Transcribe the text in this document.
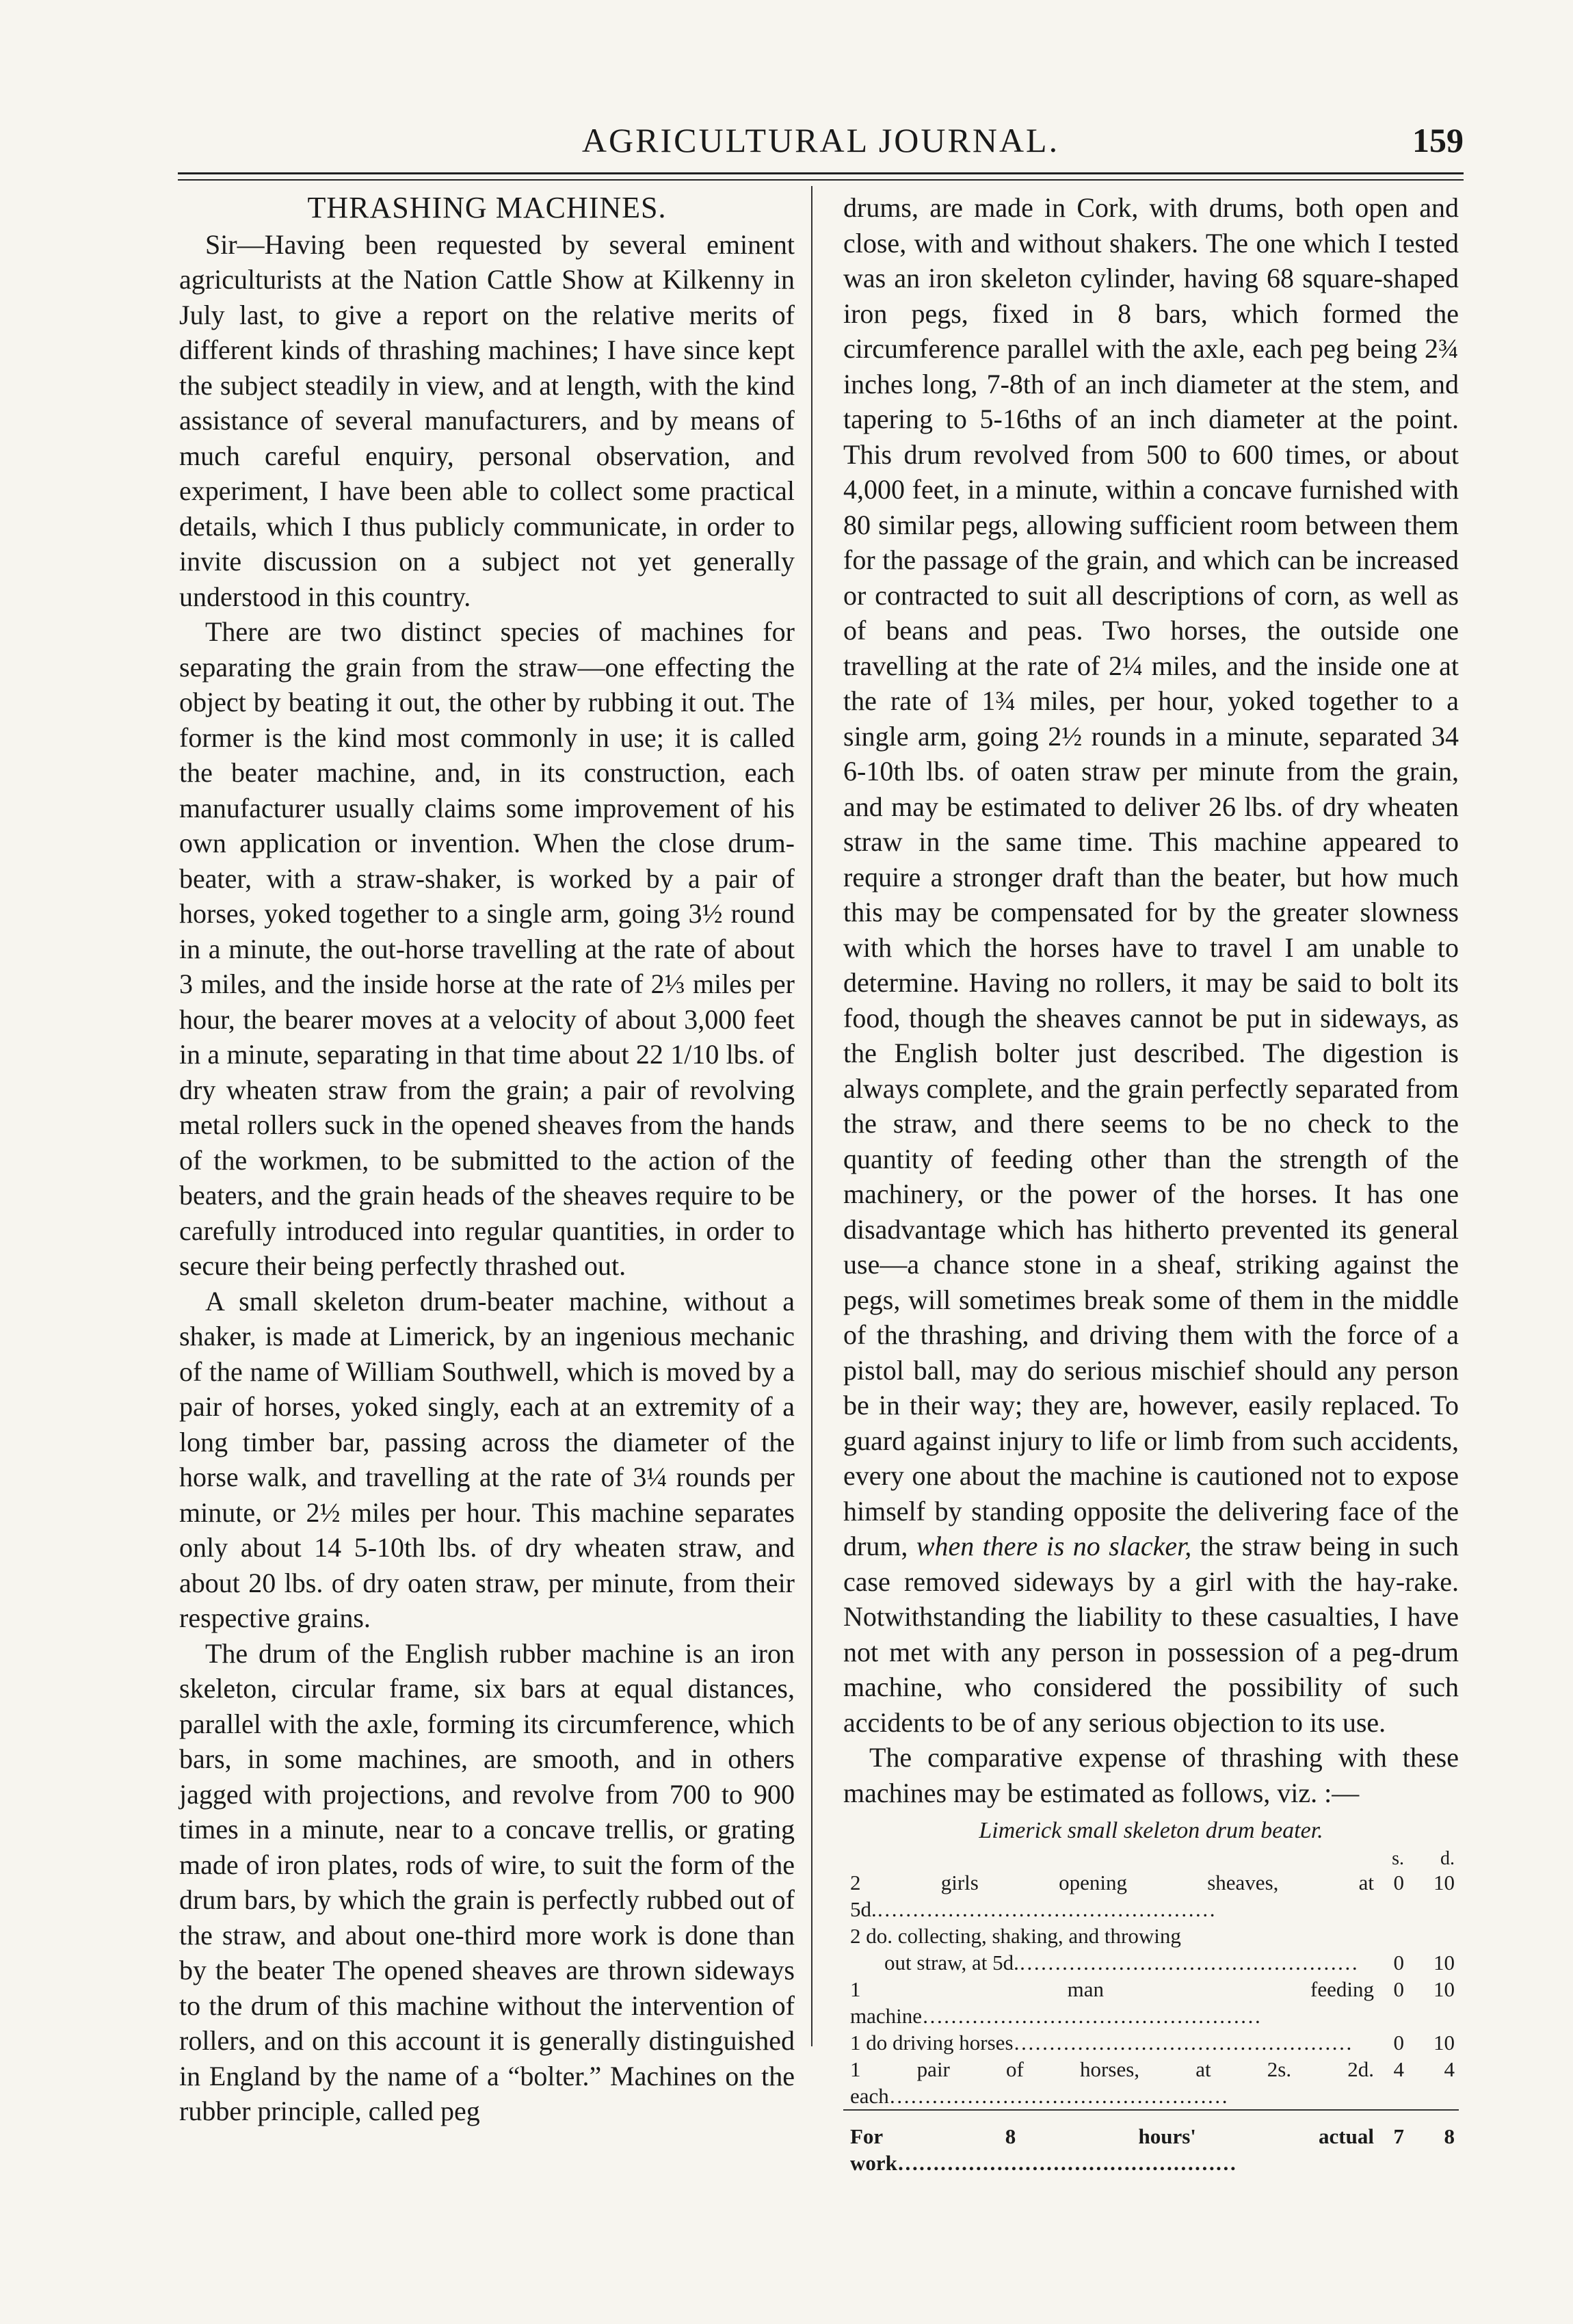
AGRICULTURAL JOURNAL.	159
THRASHING MACHINES.

Sir—Having been requested by several eminent agriculturists at the Nation Cattle Show at Kilkenny in July last, to give a report on the relative merits of different kinds of thrashing machines; I have since kept the subject steadily in view, and at length, with the kind assistance of several manufacturers, and by means of much careful enquiry, personal observation, and experiment, I have been able to collect some practical details, which I thus publicly communicate, in order to invite discussion on a subject not yet generally understood in this country.

There are two distinct species of machines for separating the grain from the straw—one effecting the object by beating it out, the other by rubbing it out. The former is the kind most commonly in use; it is called the beater machine, and, in its construction, each manufacturer usually claims some improvement of his own application or invention. When the close drum-beater, with a straw-shaker, is worked by a pair of horses, yoked together to a single arm, going 3½ round in a minute, the out-horse travelling at the rate of about 3 miles, and the inside horse at the rate of 2⅓ miles per hour, the bearer moves at a velocity of about 3,000 feet in a minute, separating in that time about 22 1/10 lbs. of dry wheaten straw from the grain; a pair of revolving metal rollers suck in the opened sheaves from the hands of the workmen, to be submitted to the action of the beaters, and the grain heads of the sheaves require to be carefully introduced into regular quantities, in order to secure their being perfectly thrashed out.

A small skeleton drum-beater machine, without a shaker, is made at Limerick, by an ingenious mechanic of the name of William Southwell, which is moved by a pair of horses, yoked singly, each at an extremity of a long timber bar, passing across the diameter of the horse walk, and travelling at the rate of 3¼ rounds per minute, or 2½ miles per hour. This machine separates only about 14 5-10th lbs. of dry wheaten straw, and about 20 lbs. of dry oaten straw, per minute, from their respective grains.

The drum of the English rubber machine is an iron skeleton, circular frame, six bars at equal distances, parallel with the axle, forming its circumference, which bars, in some machines, are smooth, and in others jagged with projections, and revolve from 700 to 900 times in a minute, near to a concave trellis, or grating made of iron plates, rods of wire, to suit the form of the drum bars, by which the grain is perfectly rubbed out of the straw, and about one-third more work is done than by the beater The opened sheaves are thrown sideways to the drum of this machine without the intervention of rollers, and on this account it is generally distinguished in England by the name of a “bolter.” Machines on the rubber principle, called peg

drums, are made in Cork, with drums, both open and close, with and without shakers. The one which I tested was an iron skeleton cylinder, having 68 square-shaped iron pegs, fixed in 8 bars, which formed the circumference parallel with the axle, each peg being 2¾ inches long, 7-8th of an inch diameter at the stem, and tapering to 5-16ths of an inch diameter at the point. This drum revolved from 500 to 600 times, or about 4,000 feet, in a minute, within a concave furnished with 80 similar pegs, allowing sufficient room between them for the passage of the grain, and which can be increased or contracted to suit all descriptions of corn, as well as of beans and peas. Two horses, the outside one travelling at the rate of 2¼ miles, and the inside one at the rate of 1¾ miles, per hour, yoked together to a single arm, going 2½ rounds in a minute, separated 34 6-10th lbs. of oaten straw per minute from the grain, and may be estimated to deliver 26 lbs. of dry wheaten straw in the same time. This machine appeared to require a stronger draft than the beater, but how much this may be compensated for by the greater slowness with which the horses have to travel I am unable to determine. Having no rollers, it may be said to bolt its food, though the sheaves cannot be put in sideways, as the English bolter just described. The digestion is always complete, and the grain perfectly separated from the straw, and there seems to be no check to the quantity of feeding other than the strength of the machinery, or the power of the horses. It has one disadvantage which has hitherto prevented its general use—a chance stone in a sheaf, striking against the pegs, will sometimes break some of them in the middle of the thrashing, and driving them with the force of a pistol ball, may do serious mischief should any person be in their way; they are, however, easily replaced. To guard against injury to life or limb from such accidents, every one about the machine is cautioned not to expose himself by standing opposite the delivering face of the drum, when there is no slacker, the straw being in such case removed sideways by a girl with the hay-rake. Notwithstanding the liability to these casualties, I have not met with any person in possession of a peg-drum machine, who considered the possibility of such accidents to be of any serious objection to its use.

The comparative expense of thrashing with these machines may be estimated as follows, viz. :—

Limerick small skeleton drum beater.
	s.	d.
2 girls opening sheaves, at 5d. …………………………………………	0	10
2 do. collecting, shaking, and throwing		
out straw, at 5d. …………………………………………	0	10
1 man feeding machine …………………………………………	0	10
1 do driving horses …………………………………………	0	10
1 pair of horses, at 2s. 2d. each …………………………………………	4	4

For 8 hours' actual work …………………………………………	7	8
